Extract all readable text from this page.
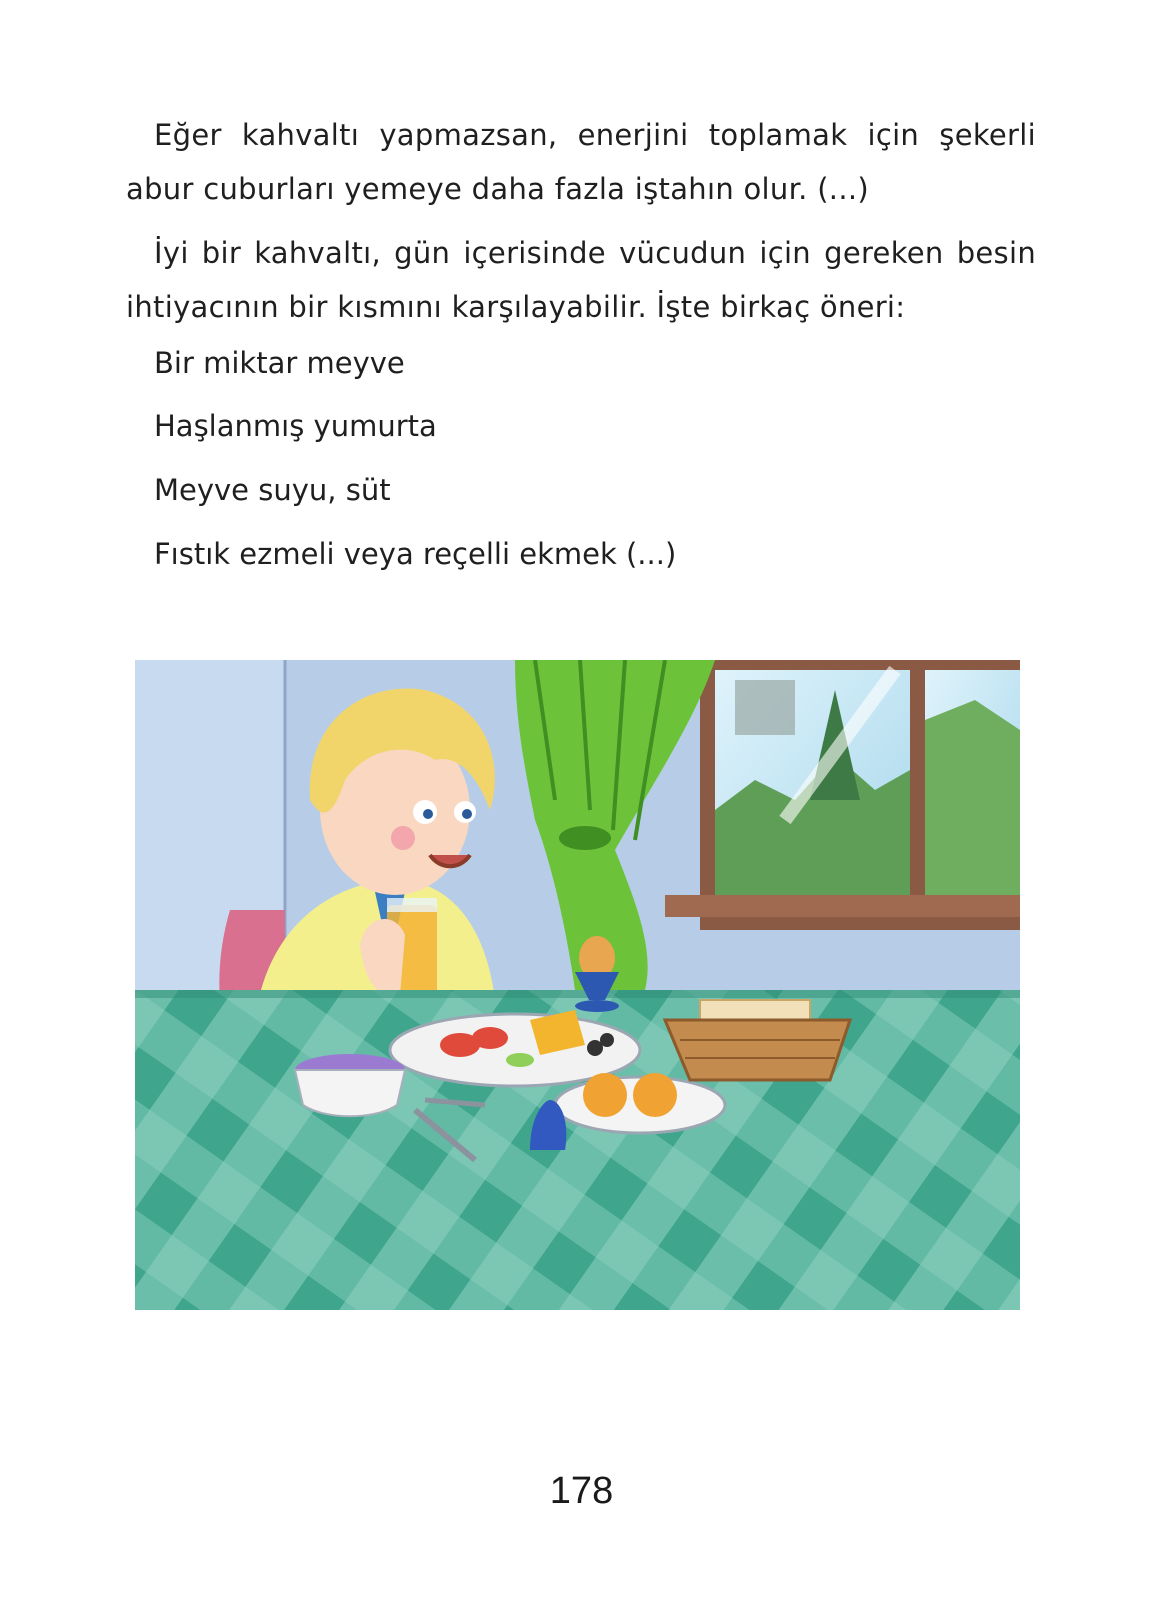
Eğer kahvaltı yapmazsan, enerjini toplamak için şekerli abur cuburları yemeye daha fazla iştahın olur. (...)

İyi bir kahvaltı, gün içerisinde vücudun için gereken besin ihtiyacının bir kısmını karşılayabilir. İşte birkaç öneri:

Bir miktar meyve
Haşlanmış yumurta
Meyve suyu, süt
Fıstık ezmeli veya reçelli ekmek (...)
178
